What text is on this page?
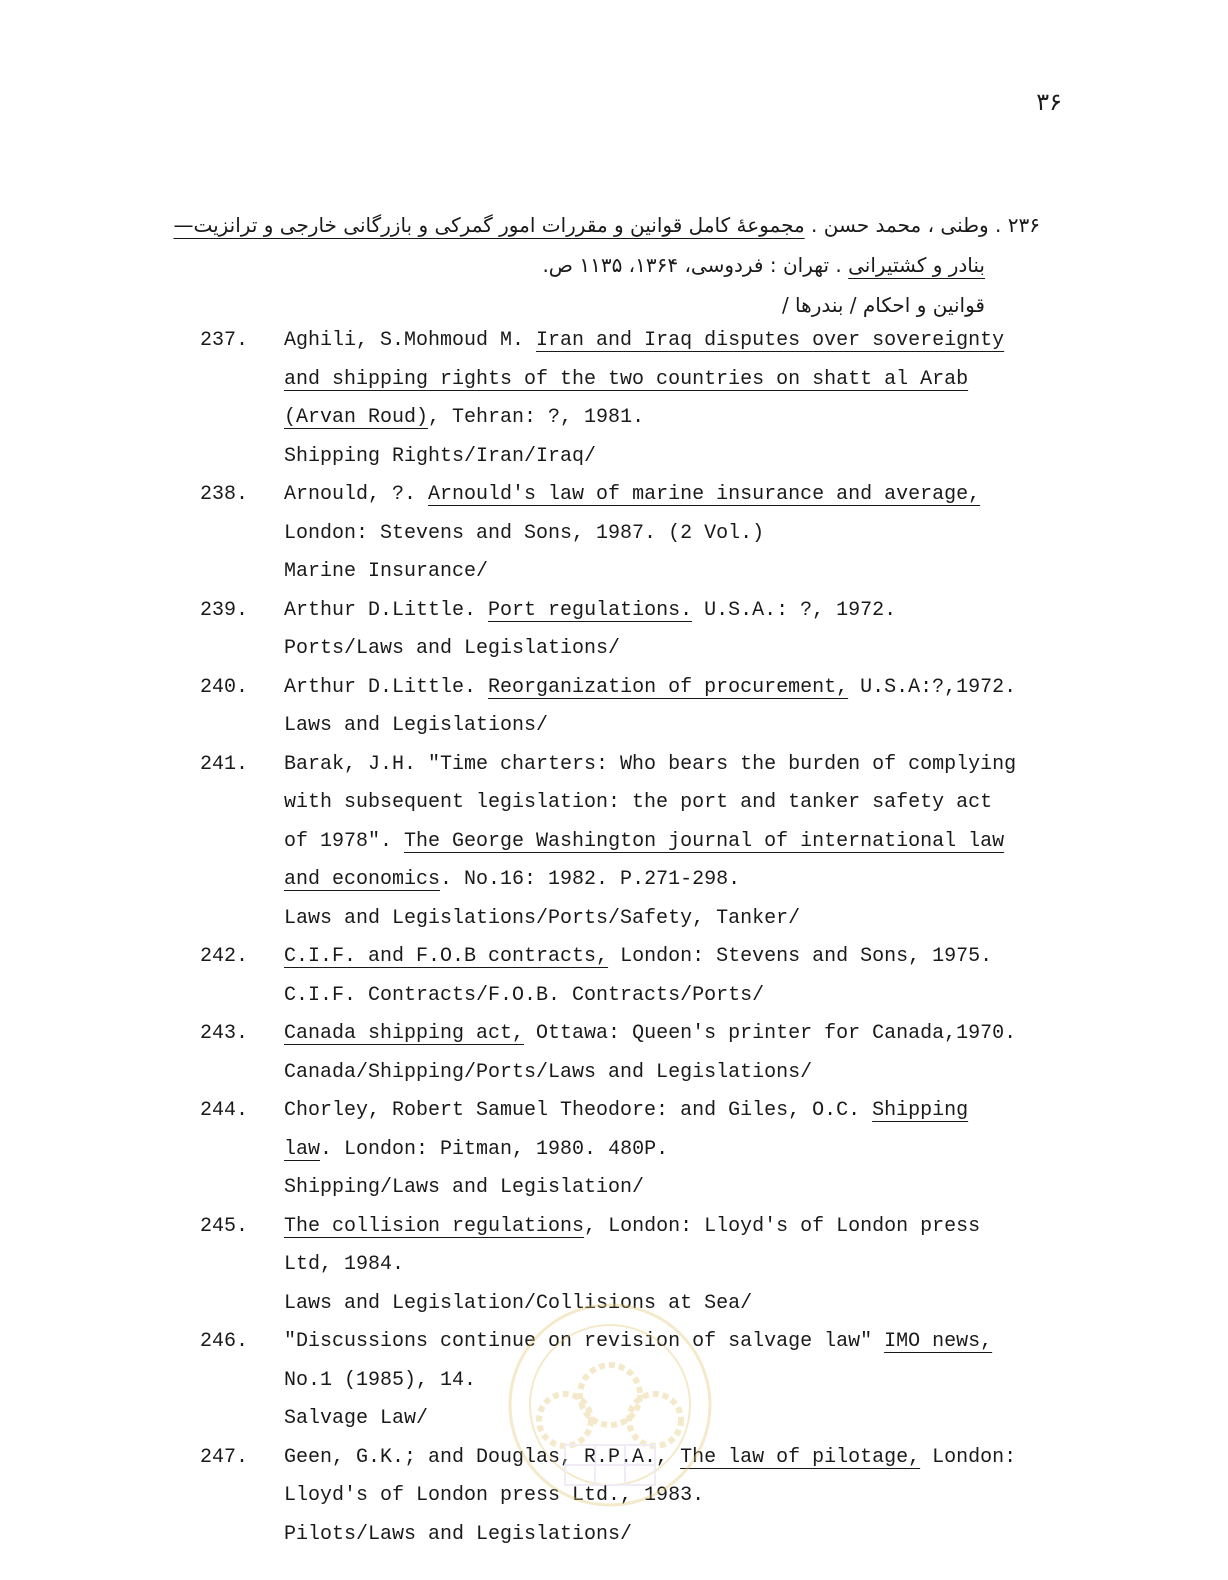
۳۶
۲۳۶ . وطنی ، محمد حسن . مجموعهٔ کامل قوانین و مقررات امور گمرکی و بازرگانی خارجی و ترانزیت—
بنادر و کشتیرانی . تهران : فردوسی، ۱۳۶۴، ۱۱۳۵ ص.
قوانین و احکام / بندرها /
237. Aghili, S.Mohmoud M. Iran and Iraq disputes over sovereignty
and shipping rights of the two countries on shatt al Arab
(Arvan Roud), Tehran: ?, 1981.
Shipping Rights/Iran/Iraq/
238. Arnould, ?. Arnould's law of marine insurance and average,
London: Stevens and Sons, 1987. (2 Vol.)
Marine Insurance/
239. Arthur D.Little. Port regulations. U.S.A.: ?, 1972.
Ports/Laws and Legislations/
240. Arthur D.Little. Reorganization of procurement, U.S.A:?,1972.
Laws and Legislations/
241. Barak, J.H. "Time charters: Who bears the burden of complying
with subsequent legislation: the port and tanker safety act
of 1978". The George Washington journal of international law
and economics. No.16: 1982. P.271-298.
Laws and Legislations/Ports/Safety, Tanker/
242. C.I.F. and F.O.B contracts, London: Stevens and Sons, 1975.
C.I.F. Contracts/F.O.B. Contracts/Ports/
243. Canada shipping act, Ottawa: Queen's printer for Canada,1970.
Canada/Shipping/Ports/Laws and Legislations/
244. Chorley, Robert Samuel Theodore: and Giles, O.C. Shipping
law. London: Pitman, 1980. 480P.
Shipping/Laws and Legislation/
245. The collision regulations, London: Lloyd's of London press
Ltd, 1984.
Laws and Legislation/Collisions at Sea/
246. "Discussions continue on revision of salvage law" IMO news,
No.1 (1985), 14.
Salvage Law/
247. Geen, G.K.; and Douglas, R.P.A., The law of pilotage, London:
Lloyd's of London press Ltd., 1983.
Pilots/Laws and Legislations/
